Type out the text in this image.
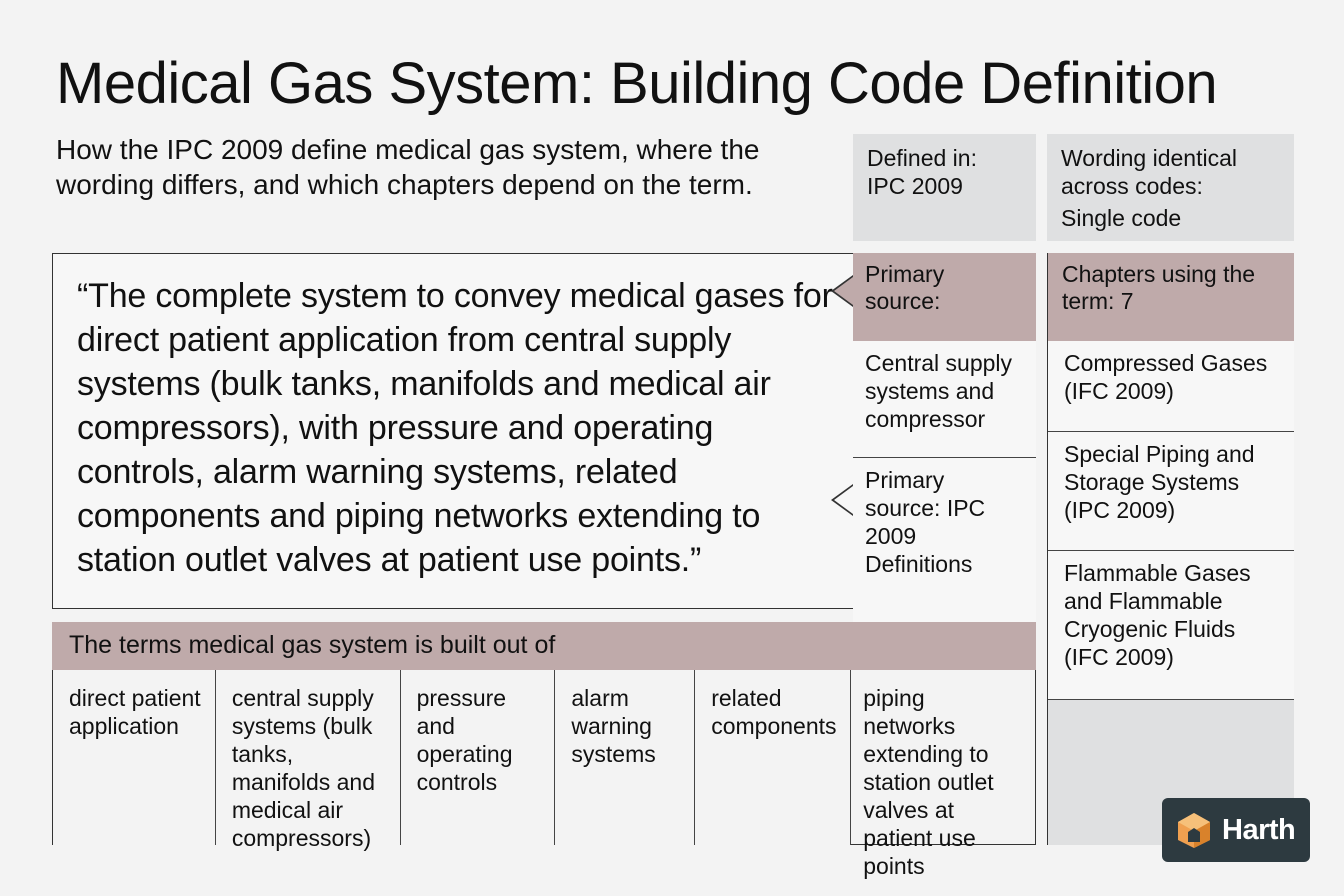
Medical Gas System: Building Code Definition
How the IPC 2009 define medical gas system, where the wording differs, and which chapters depend on the term.
Defined in:
IPC 2009
Wording identical across codes:
Single code
“The complete system to convey medical gases for direct patient application from central supply systems (bulk tanks, manifolds and medical air compressors), with pressure and operating controls, alarm warning systems, related components and piping networks extending to station outlet valves at patient use points.”
Primary source:
Central supply systems and compressor
Primary source: IPC 2009 Definitions
Chapters using the term: 7
Compressed Gases (IFC 2009)
Special Piping and Storage Systems (IPC 2009)
Flammable Gases and Flammable Cryogenic Fluids (IFC 2009)
The terms medical gas system is built out of
direct patient application
central supply systems (bulk tanks, manifolds and medical air compressors)
pressure and operating controls
alarm warning systems
related components
piping networks extending to station outlet valves at patient use points
Harth
